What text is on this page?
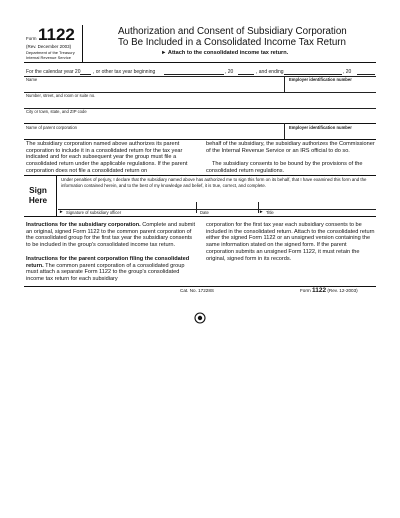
Form 1122
(Rev. December 2003)
Department of the Treasury
Internal Revenue Service
Authorization and Consent of Subsidiary Corporation
To Be Included in a Consolidated Income Tax Return
► Attach to the consolidated income tax return.
For the calendar year 20	, or other tax year beginning	, 20	, and ending	, 20
Name	Employer identification number
Number, street, and room or suite no.
City or town, state, and ZIP code
Name of parent corporation	Employer identification number
The subsidiary corporation named above authorizes its parent corporation to include it in a consolidated return for the tax year indicated and for each subsequent year the group must file a consolidated return under the applicable regulations. If the parent corporation does not file a consolidated return on
behalf of the subsidiary, the subsidiary authorizes the Commissioner of the Internal Revenue Service or an IRS official to do so.
The subsidiary consents to be bound by the provisions of the consolidated return regulations.
Sign Here
Under penalties of perjury, I declare that the subsidiary named above has authorized me to sign this form on its behalf, that I have examined this form and the information contained herein, and to the best of my knowledge and belief, it is true, correct, and complete.
► Signature of subsidiary officer	Date	► Title
Instructions for the subsidiary corporation. Complete and submit an original, signed Form 1122 to the common parent corporation of the consolidated group for the first tax year the subsidiary consents to be included in the group's consolidated income tax return.
Instructions for the parent corporation filing the consolidated return. The common parent corporation of a consolidated group must attach a separate Form 1122 to the group's consolidated income tax return for each subsidiary
corporation for the first tax year each subsidiary consents to be included in the consolidated return. Attach to the consolidated return either the signed Form 1122 or an unsigned version containing the same information stated on the signed form. If the parent corporation submits an unsigned Form 1122, it must retain the original, signed form in its records.
Cat. No. 17228S	Form 1122 (Rev. 12-2003)
